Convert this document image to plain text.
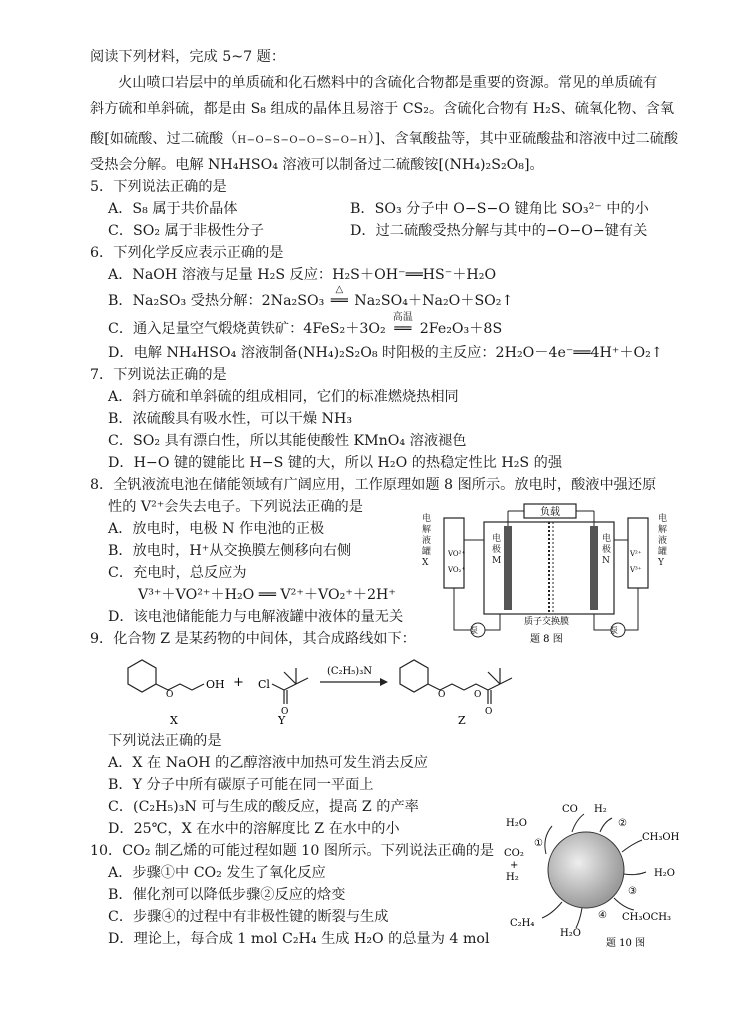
阅读下列材料，完成 5~7 题：
火山喷口岩层中的单质硫和化石燃料中的含硫化合物都是重要的资源。常见的单质硫有
斜方硫和单斜硫，都是由 S₈ 组成的晶体且易溶于 CS₂。含硫化合物有 H₂S、硫氧化物、含氧
酸[如硫酸、过二硫酸（H−O−S−O−O−S−O−H）]、含氧酸盐等，其中亚硫酸盐和溶液中过二硫酸
受热会分解。电解 NH₄HSO₄ 溶液可以制备过二硫酸铵[(NH₄)₂S₂O₈]。
5．下列说法正确的是
A．S₈ 属于共价晶体	B．SO₃ 分子中 O−S−O 键角比 SO₃²⁻ 中的小
C．SO₂ 属于非极性分子	D．过二硫酸受热分解与其中的−O−O−键有关
6．下列化学反应表示正确的是
A．NaOH 溶液与足量 H₂S 反应：H₂S＋OH⁻══HS⁻＋H₂O
B．Na₂SO₃ 受热分解：2Na₂SO₃
△
══ Na₂SO₄＋Na₂O＋SO₂↑
C．通入足量空气煅烧黄铁矿：4FeS₂＋3O₂
高温
══ 2Fe₂O₃＋8S
D．电解 NH₄HSO₄ 溶液制备(NH₄)₂S₂O₈ 时阳极的主反应：2H₂O－4e⁻══4H⁺＋O₂↑
7．下列说法正确的是
A．斜方硫和单斜硫的组成相同，它们的标准燃烧热相同
B．浓硫酸具有吸水性，可以干燥 NH₃
C．SO₂ 具有漂白性，所以其能使酸性 KMnO₄ 溶液褪色
D．H−O 键的键能比 H−S 键的大，所以 H₂O 的热稳定性比 H₂S 的强
8．全钒液流电池在储能领域有广阔应用，工作原理如题 8 图所示。放电时，酸液中强还原
性的 V²⁺会失去电子。下列说法正确的是
A．放电时，电极 N 作电池的正极
B．放电时，H⁺从交换膜左侧移向右侧
C．充电时，总反应为
V³⁺＋VO²⁺＋H₂O ══ V²⁺＋VO₂⁺＋2H⁺
D．该电池储能能力与电解液罐中液体的量无关
负载
泵	泵
VO²⁺
VO₂⁺
V²⁺
V³⁺
质子交换膜
题 8 图
电解液罐X
电解液罐Y
电极M
电极N
9．化合物 Z 是某药物的中间体，其合成路线如下：
O
OH + Cl
O
(C₂H₅)₃N
O	O
O
X	Y	Z
下列说法正确的是
A．X 在 NaOH 的乙醇溶液中加热可发生消去反应
B．Y 分子中所有碳原子可能在同一平面上
C．(C₂H₅)₃N 可与生成的酸反应，提高 Z 的产率
D．25℃，X 在水中的溶解度比 Z 在水中的小
10．CO₂ 制乙烯的可能过程如题 10 图所示。下列说法正确的是
A．步骤①中 CO₂ 发生了氧化反应
B．催化剂可以降低步骤②反应的焓变
C．步骤④的过程中有非极性键的断裂与生成
D．理论上，每合成 1 mol C₂H₄ 生成 H₂O 的总量为 4 mol
CO H₂
H₂O
CH₃OH
CO₂
+
H₂	H₂O
CH₃OCH₃
C₂H₄
H₂O
①
②
③
④
题 10 图
